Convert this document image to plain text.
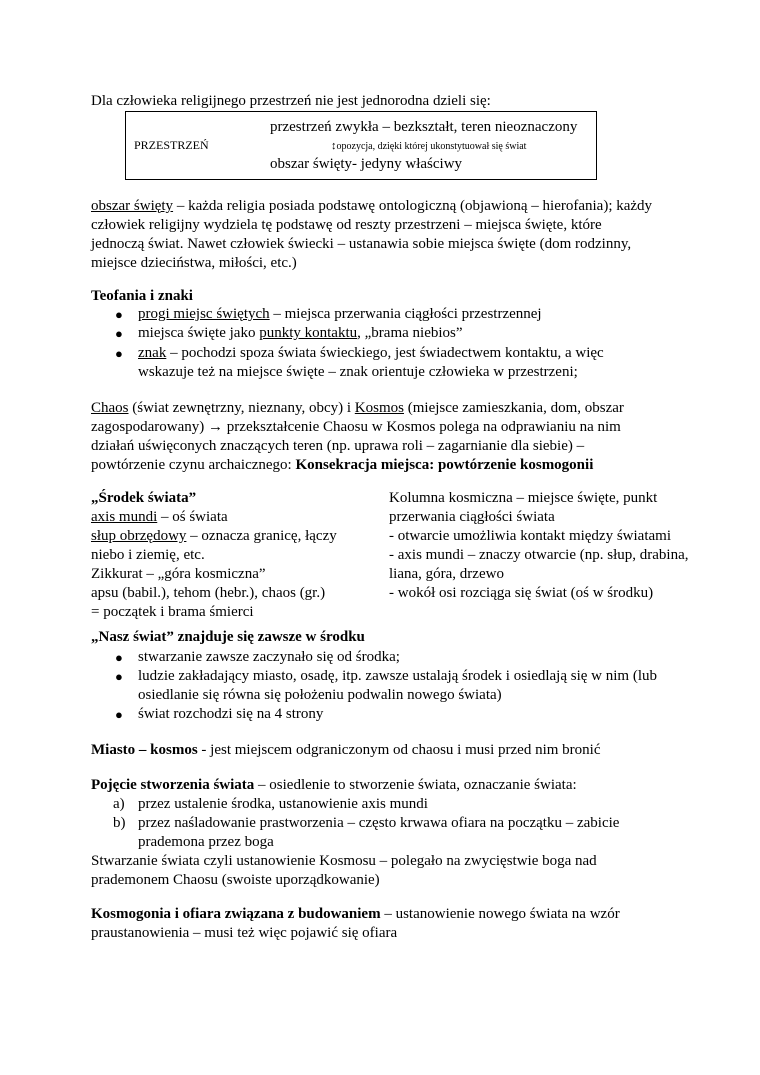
Dla człowieka religijnego przestrzeń nie jest jednorodna dzieli się:
PRZESTRZEŃ
przestrzeń zwykła – bezkształt, teren nieoznaczony
↕opozycja, dzięki której ukonstytuował się świat
obszar święty- jedyny właściwy
obszar święty – każda religia posiada podstawę ontologiczną (objawioną – hierofania); każdy
człowiek religijny wydziela tę podstawę od reszty przestrzeni – miejsca święte, które
jednoczą świat. Nawet człowiek świecki – ustanawia sobie miejsca święte (dom rodzinny,
miejsce dzieciństwa, miłości, etc.)
Teofania i znaki
● progi miejsc świętych – miejsca przerwania ciągłości przestrzennej
● miejsca święte jako punkty kontaktu, „brama niebios”
● znak – pochodzi spoza świata świeckiego, jest świadectwem kontaktu, a więc
wskazuje też na miejsce święte – znak orientuje człowieka w przestrzeni;
Chaos (świat zewnętrzny, nieznany, obcy) i Kosmos (miejsce zamieszkania, dom, obszar
zagospodarowany) → przekształcenie Chaosu w Kosmos polega na odprawianiu na nim
działań uświęconych znaczących teren (np. uprawa roli – zagarnianie dla siebie) –
powtórzenie czynu archaicznego: Konsekracja miejsca: powtórzenie kosmogonii
„Środek świata”
axis mundi – oś świata
słup obrzędowy – oznacza granicę, łączy
niebo i ziemię, etc.
Zikkurat – „góra kosmiczna”
apsu (babil.), tehom (hebr.), chaos (gr.)
= początek i brama śmierci
Kolumna kosmiczna – miejsce święte, punkt
przerwania ciągłości świata
- otwarcie umożliwia kontakt między światami
- axis mundi – znaczy otwarcie (np. słup, drabina,
liana, góra, drzewo
- wokół osi rozciąga się świat (oś w środku)
„Nasz świat” znajduje się zawsze w środku
● stwarzanie zawsze zaczynało się od środka;
● ludzie zakładający miasto, osadę, itp. zawsze ustalają środek i osiedlają się w nim (lub
osiedlanie się równa się położeniu podwalin nowego świata)
● świat rozchodzi się na 4 strony
Miasto – kosmos - jest miejscem odgraniczonym od chaosu i musi przed nim bronić
Pojęcie stworzenia świata – osiedlenie to stworzenie świata, oznaczanie świata:
a) przez ustalenie środka, ustanowienie axis mundi
b) przez naśladowanie prastworzenia – często krwawa ofiara na początku – zabicie
prademona przez boga
Stwarzanie świata czyli ustanowienie Kosmosu – polegało na zwycięstwie boga nad
prademonem Chaosu (swoiste uporządkowanie)
Kosmogonia i ofiara związana z budowaniem – ustanowienie nowego świata na wzór
praustanowienia – musi też więc pojawić się ofiara
